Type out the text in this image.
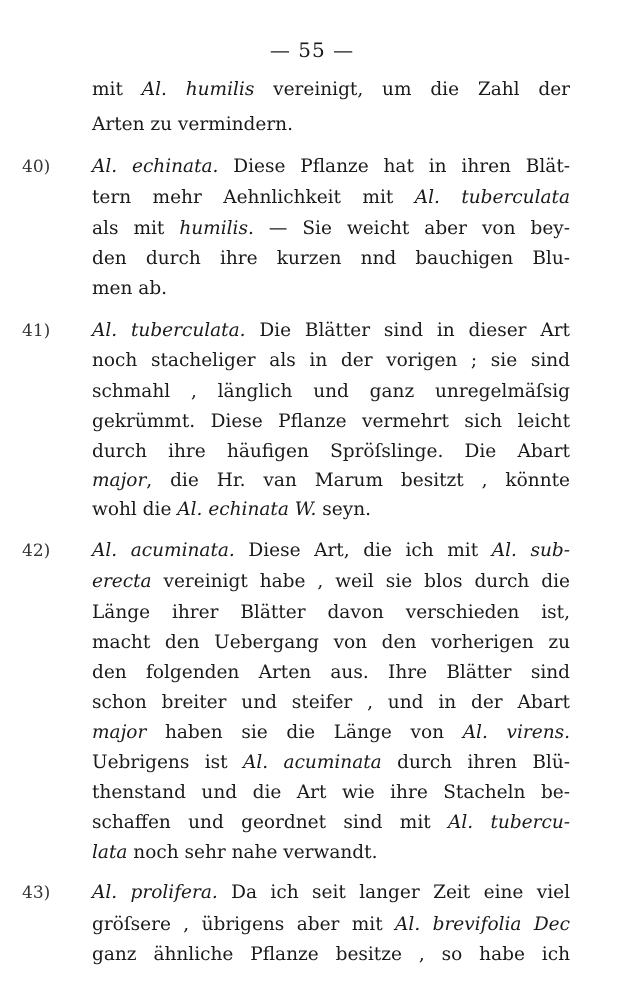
— 55 —
mit Al. humilis vereinigt, um die Zahl der
Arten zu vermindern.
40) Al. echinata. Diese Pflanze hat in ihren Blät-
tern mehr Aehnlichkeit mit Al. tuberculata
als mit humilis. — Sie weicht aber von bey-
den durch ihre kurzen nnd bauchigen Blu-
men ab.
41) Al. tuberculata. Die Blätter sind in dieser Art
noch stacheliger als in der vorigen ; sie sind
schmahl , länglich und ganz unregelmäſsig
gekrümmt. Diese Pflanze vermehrt sich leicht
durch ihre häufigen Spröſslinge. Die Abart
major, die Hr. van Marum besitzt , könnte
wohl die Al. echinata W. seyn.
42) Al. acuminata. Diese Art, die ich mit Al. sub-
erecta vereinigt habe , weil sie blos durch die
Länge ihrer Blätter davon verschieden ist,
macht den Uebergang von den vorherigen zu
den folgenden Arten aus. Ihre Blätter sind
schon breiter und steifer , und in der Abart
major haben sie die Länge von Al. virens.
Uebrigens ist Al. acuminata durch ihren Blü-
thenstand und die Art wie ihre Stacheln be-
schaffen und geordnet sind mit Al. tubercu-
lata noch sehr nahe verwandt.
43) Al. prolifera. Da ich seit langer Zeit eine viel
gröſsere , übrigens aber mit Al. brevifolia Dec
ganz ähnliche Pflanze besitze , so habe ich
